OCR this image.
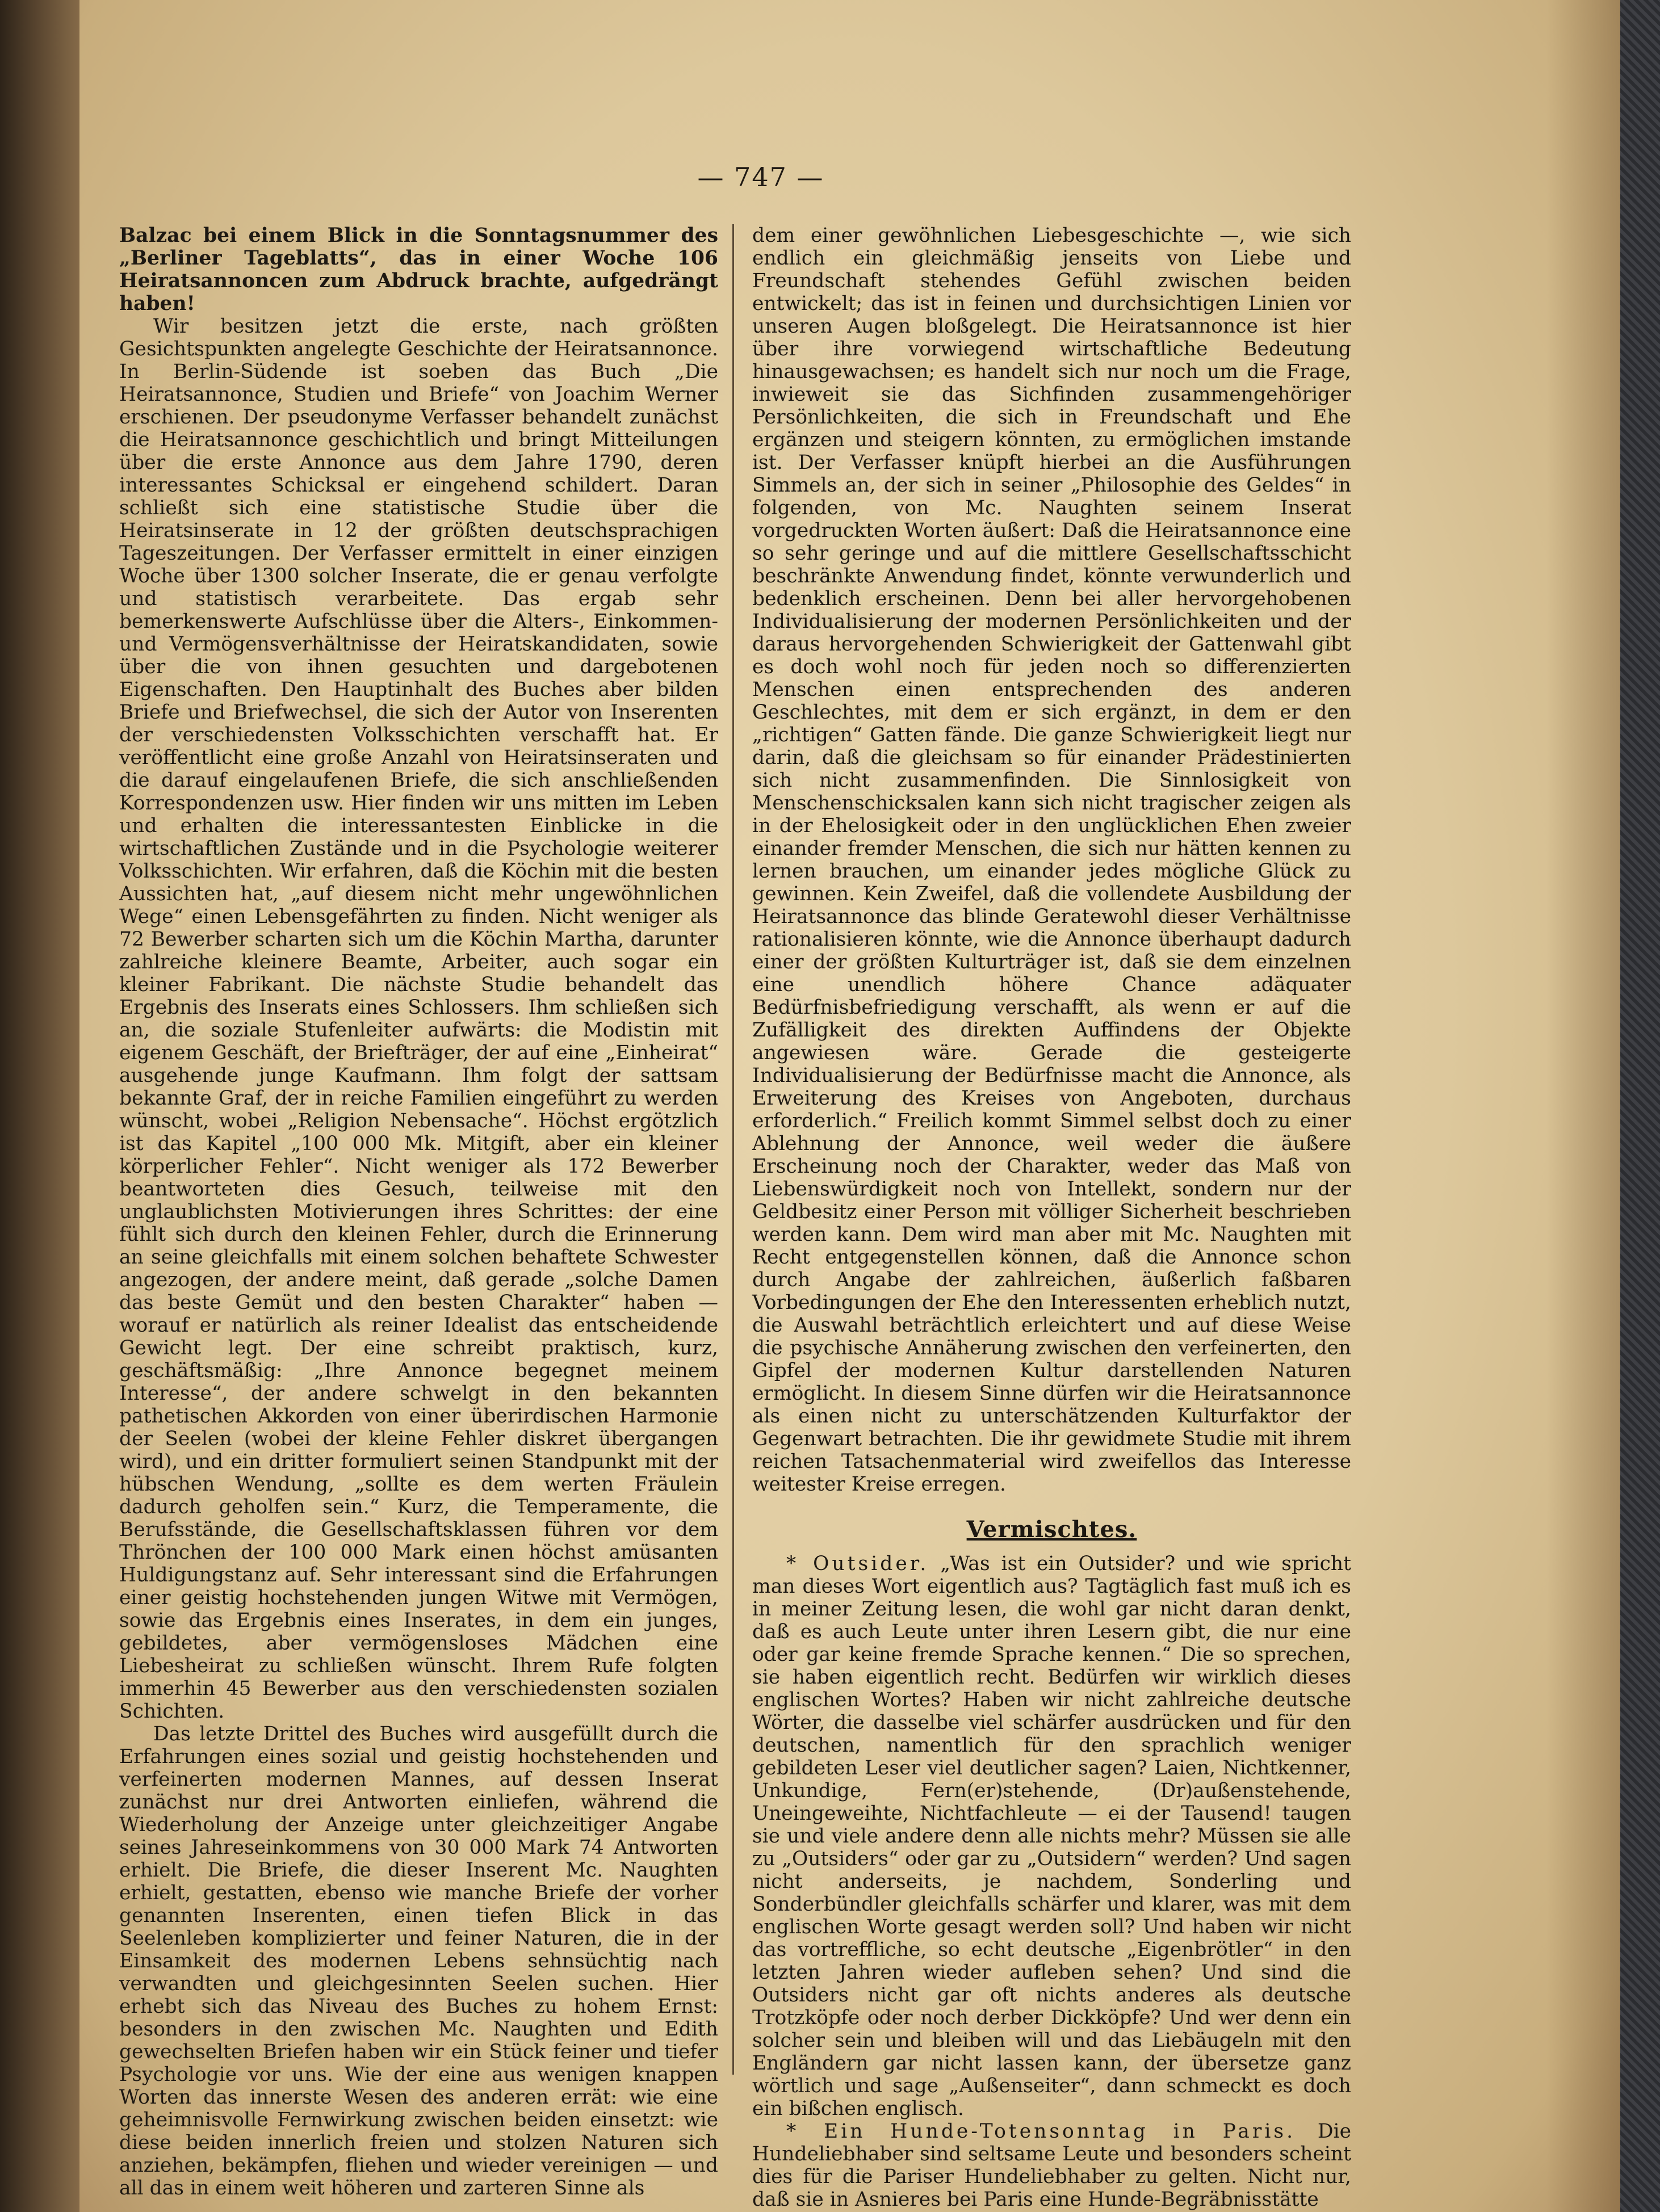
— 747 —

Balzac bei einem Blick in die Sonntagsnummer des „Berliner Tageblatts“, das in einer Woche 106 Heiratsannoncen zum Abdruck brachte, aufgedrängt haben!

Wir besitzen jetzt die erste, nach größten Gesichtspunkten angelegte Geschichte der Heiratsannonce. In Berlin-Südende ist soeben das Buch „Die Heiratsannonce, Studien und Briefe“ von Joachim Werner erschienen. Der pseudonyme Verfasser behandelt zunächst die Heiratsannonce geschichtlich und bringt Mitteilungen über die erste Annonce aus dem Jahre 1790, deren interessantes Schicksal er eingehend schildert. Daran schließt sich eine statistische Studie über die Heiratsinserate in 12 der größten deutschsprachigen Tageszeitungen. Der Verfasser ermittelt in einer einzigen Woche über 1300 solcher Inserate, die er genau verfolgte und statistisch verarbeitete. Das ergab sehr bemerkenswerte Aufschlüsse über die Alters-, Einkommen- und Vermögensverhältnisse der Heiratskandidaten, sowie über die von ihnen gesuchten und dargebotenen Eigenschaften. Den Hauptinhalt des Buches aber bilden Briefe und Briefwechsel, die sich der Autor von Inserenten der verschiedensten Volksschichten verschafft hat. Er veröffentlicht eine große Anzahl von Heiratsinseraten und die darauf eingelaufenen Briefe, die sich anschließenden Korrespondenzen usw. Hier finden wir uns mitten im Leben und erhalten die interessantesten Einblicke in die wirtschaftlichen Zustände und in die Psychologie weiterer Volksschichten. Wir erfahren, daß die Köchin mit die besten Aussichten hat, „auf diesem nicht mehr ungewöhnlichen Wege“ einen Lebensgefährten zu finden. Nicht weniger als 72 Bewerber scharten sich um die Köchin Martha, darunter zahlreiche kleinere Beamte, Arbeiter, auch sogar ein kleiner Fabrikant. Die nächste Studie behandelt das Ergebnis des Inserats eines Schlossers. Ihm schließen sich an, die soziale Stufenleiter aufwärts: die Modistin mit eigenem Geschäft, der Briefträger, der auf eine „Einheirat“ ausgehende junge Kaufmann. Ihm folgt der sattsam bekannte Graf, der in reiche Familien eingeführt zu werden wünscht, wobei „Religion Nebensache“. Höchst ergötzlich ist das Kapitel „100 000 Mk. Mitgift, aber ein kleiner körperlicher Fehler“. Nicht weniger als 172 Bewerber beantworteten dies Gesuch, teilweise mit den unglaublichsten Motivierungen ihres Schrittes: der eine fühlt sich durch den kleinen Fehler, durch die Erinnerung an seine gleichfalls mit einem solchen behaftete Schwester angezogen, der andere meint, daß gerade „solche Damen das beste Gemüt und den besten Charakter“ haben — worauf er natürlich als reiner Idealist das entscheidende Gewicht legt. Der eine schreibt praktisch, kurz, geschäftsmäßig: „Ihre Annonce begegnet meinem Interesse“, der andere schwelgt in den bekannten pathetischen Akkorden von einer überirdischen Harmonie der Seelen (wobei der kleine Fehler diskret übergangen wird), und ein dritter formuliert seinen Standpunkt mit der hübschen Wendung, „sollte es dem werten Fräulein dadurch geholfen sein.“ Kurz, die Temperamente, die Berufsstände, die Gesellschaftsklassen führen vor dem Thrönchen der 100 000 Mark einen höchst amüsanten Huldigungstanz auf. Sehr interessant sind die Erfahrungen einer geistig hochstehenden jungen Witwe mit Vermögen, sowie das Ergebnis eines Inserates, in dem ein junges, gebildetes, aber vermögensloses Mädchen eine Liebesheirat zu schließen wünscht. Ihrem Rufe folgten immerhin 45 Bewerber aus den verschiedensten sozialen Schichten.

Das letzte Drittel des Buches wird ausgefüllt durch die Erfahrungen eines sozial und geistig hochstehenden und verfeinerten modernen Mannes, auf dessen Inserat zunächst nur drei Antworten einliefen, während die Wiederholung der Anzeige unter gleichzeitiger Angabe seines Jahreseinkommens von 30 000 Mark 74 Antworten erhielt. Die Briefe, die dieser Inserent Mc. Naughten erhielt, gestatten, ebenso wie manche Briefe der vorher genannten Inserenten, einen tiefen Blick in das Seelenleben komplizierter und feiner Naturen, die in der Einsamkeit des modernen Lebens sehnsüchtig nach verwandten und gleichgesinnten Seelen suchen. Hier erhebt sich das Niveau des Buches zu hohem Ernst: besonders in den zwischen Mc. Naughten und Edith gewechselten Briefen haben wir ein Stück feiner und tiefer Psychologie vor uns. Wie der eine aus wenigen knappen Worten das innerste Wesen des anderen errät: wie eine geheimnisvolle Fernwirkung zwischen beiden einsetzt: wie diese beiden innerlich freien und stolzen Naturen sich anziehen, bekämpfen, fliehen und wieder vereinigen — und all das in einem weit höheren und zarteren Sinne als

dem einer gewöhnlichen Liebesgeschichte —, wie sich endlich ein gleichmäßig jenseits von Liebe und Freundschaft stehendes Gefühl zwischen beiden entwickelt; das ist in feinen und durchsichtigen Linien vor unseren Augen bloßgelegt. Die Heiratsannonce ist hier über ihre vorwiegend wirtschaftliche Bedeutung hinausgewachsen; es handelt sich nur noch um die Frage, inwieweit sie das Sichfinden zusammengehöriger Persönlichkeiten, die sich in Freundschaft und Ehe ergänzen und steigern könnten, zu ermöglichen imstande ist. Der Verfasser knüpft hierbei an die Ausführungen Simmels an, der sich in seiner „Philosophie des Geldes“ in folgenden, von Mc. Naughten seinem Inserat vorgedruckten Worten äußert: Daß die Heiratsannonce eine so sehr geringe und auf die mittlere Gesellschaftsschicht beschränkte Anwendung findet, könnte verwunderlich und bedenklich erscheinen. Denn bei aller hervorgehobenen Individualisierung der modernen Persönlichkeiten und der daraus hervorgehenden Schwierigkeit der Gattenwahl gibt es doch wohl noch für jeden noch so differenzierten Menschen einen entsprechenden des anderen Geschlechtes, mit dem er sich ergänzt, in dem er den „richtigen“ Gatten fände. Die ganze Schwierigkeit liegt nur darin, daß die gleichsam so für einander Prädestinierten sich nicht zusammenfinden. Die Sinnlosigkeit von Menschenschicksalen kann sich nicht tragischer zeigen als in der Ehelosigkeit oder in den unglücklichen Ehen zweier einander fremder Menschen, die sich nur hätten kennen zu lernen brauchen, um einander jedes mögliche Glück zu gewinnen. Kein Zweifel, daß die vollendete Ausbildung der Heiratsannonce das blinde Geratewohl dieser Verhältnisse rationalisieren könnte, wie die Annonce überhaupt dadurch einer der größten Kulturträger ist, daß sie dem einzelnen eine unendlich höhere Chance adäquater Bedürfnisbefriedigung verschafft, als wenn er auf die Zufälligkeit des direkten Auffindens der Objekte angewiesen wäre. Gerade die gesteigerte Individualisierung der Bedürfnisse macht die Annonce, als Erweiterung des Kreises von Angeboten, durchaus erforderlich.“ Freilich kommt Simmel selbst doch zu einer Ablehnung der Annonce, weil weder die äußere Erscheinung noch der Charakter, weder das Maß von Liebenswürdigkeit noch von Intellekt, sondern nur der Geldbesitz einer Person mit völliger Sicherheit beschrieben werden kann. Dem wird man aber mit Mc. Naughten mit Recht entgegenstellen können, daß die Annonce schon durch Angabe der zahlreichen, äußerlich faßbaren Vorbedingungen der Ehe den Interessenten erheblich nutzt, die Auswahl beträchtlich erleichtert und auf diese Weise die psychische Annäherung zwischen den verfeinerten, den Gipfel der modernen Kultur darstellenden Naturen ermöglicht. In diesem Sinne dürfen wir die Heiratsannonce als einen nicht zu unterschätzenden Kulturfaktor der Gegenwart betrachten. Die ihr gewidmete Studie mit ihrem reichen Tatsachenmaterial wird zweifellos das Interesse weitester Kreise erregen.

Vermischtes.

* Outsider. „Was ist ein Outsider? und wie spricht man dieses Wort eigentlich aus? Tagtäglich fast muß ich es in meiner Zeitung lesen, die wohl gar nicht daran denkt, daß es auch Leute unter ihren Lesern gibt, die nur eine oder gar keine fremde Sprache kennen.“ Die so sprechen, sie haben eigentlich recht. Bedürfen wir wirklich dieses englischen Wortes? Haben wir nicht zahlreiche deutsche Wörter, die dasselbe viel schärfer ausdrücken und für den deutschen, namentlich für den sprachlich weniger gebildeten Leser viel deutlicher sagen? Laien, Nichtkenner, Unkundige, Fern(er)stehende, (Dr)außenstehende, Uneingeweihte, Nichtfachleute — ei der Tausend! taugen sie und viele andere denn alle nichts mehr? Müssen sie alle zu „Outsiders“ oder gar zu „Outsidern“ werden? Und sagen nicht anderseits, je nachdem, Sonderling und Sonderbündler gleichfalls schärfer und klarer, was mit dem englischen Worte gesagt werden soll? Und haben wir nicht das vortreffliche, so echt deutsche „Eigenbrötler“ in den letzten Jahren wieder aufleben sehen? Und sind die Outsiders nicht gar oft nichts anderes als deutsche Trotzköpfe oder noch derber Dickköpfe? Und wer denn ein solcher sein und bleiben will und das Liebäugeln mit den Engländern gar nicht lassen kann, der übersetze ganz wörtlich und sage „Außenseiter“, dann schmeckt es doch ein bißchen englisch.

* Ein Hunde-Totensonntag in Paris. Die Hundeliebhaber sind seltsame Leute und besonders scheint dies für die Pariser Hundeliebhaber zu gelten. Nicht nur, daß sie in Asnieres bei Paris eine Hunde-Begräbnisstätte
